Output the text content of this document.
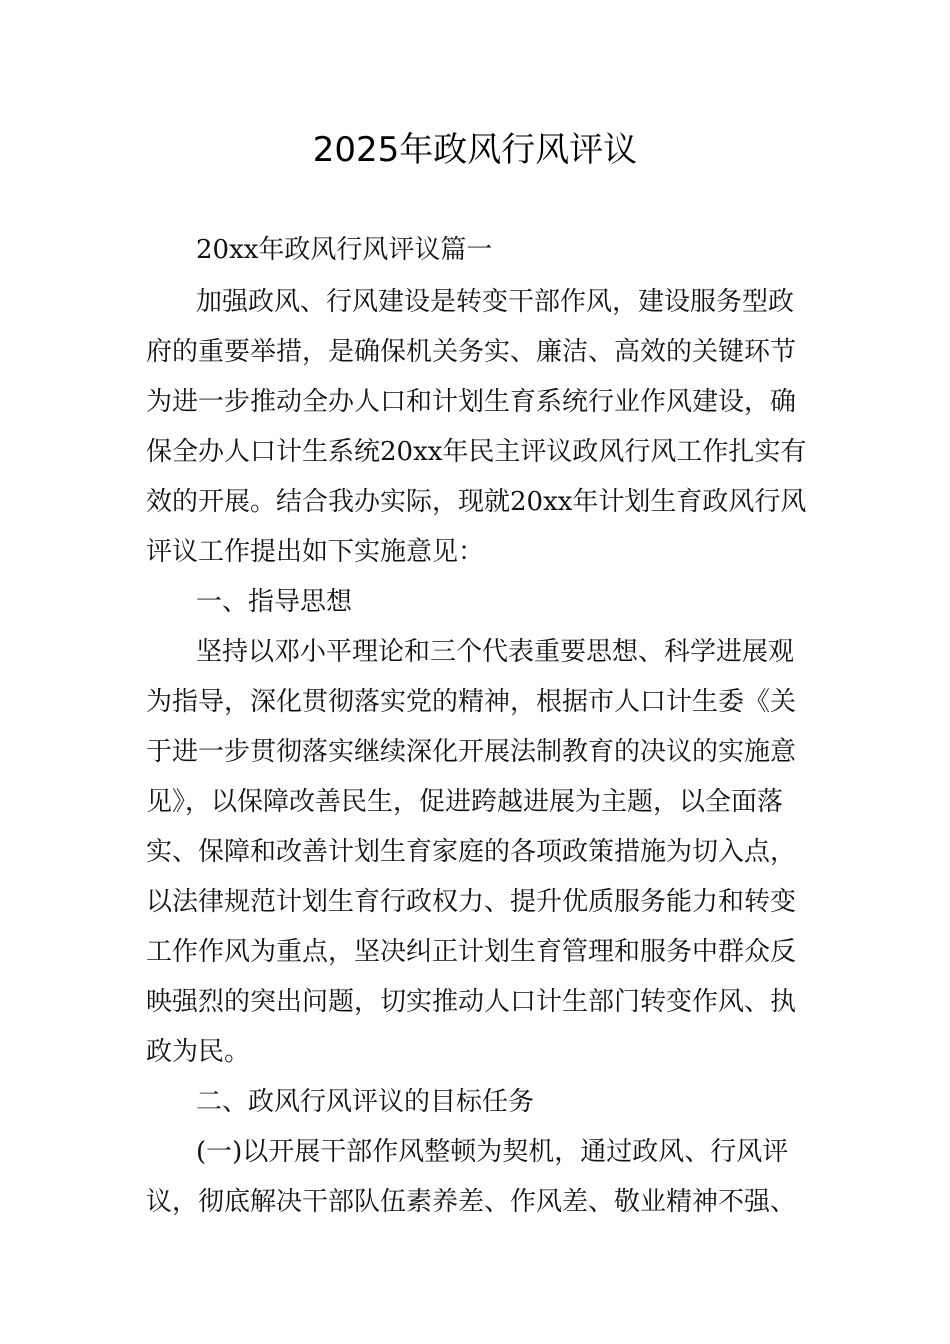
2025年政风行风评议
20xx年政风行风评议篇一
加强政风、行风建设是转变干部作风，建设服务型政
府的重要举措，是确保机关务实、廉洁、高效的关键环节
为进一步推动全办人口和计划生育系统行业作风建设，确
保全办人口计生系统20xx年民主评议政风行风工作扎实有
效的开展。结合我办实际，现就20xx年计划生育政风行风
评议工作提出如下实施意见：
一、指导思想
坚持以邓小平理论和三个代表重要思想、科学进展观
为指导，深化贯彻落实党的精神，根据市人口计生委《关
于进一步贯彻落实继续深化开展法制教育的决议的实施意
见》，以保障改善民生，促进跨越进展为主题，以全面落
实、保障和改善计划生育家庭的各项政策措施为切入点，
以法律规范计划生育行政权力、提升优质服务能力和转变
工作作风为重点，坚决纠正计划生育管理和服务中群众反
映强烈的突出问题，切实推动人口计生部门转变作风、执
政为民。
二、政风行风评议的目标任务
(一)以开展干部作风整顿为契机，通过政风、行风评
议，彻底解决干部队伍素养差、作风差、敬业精神不强、
